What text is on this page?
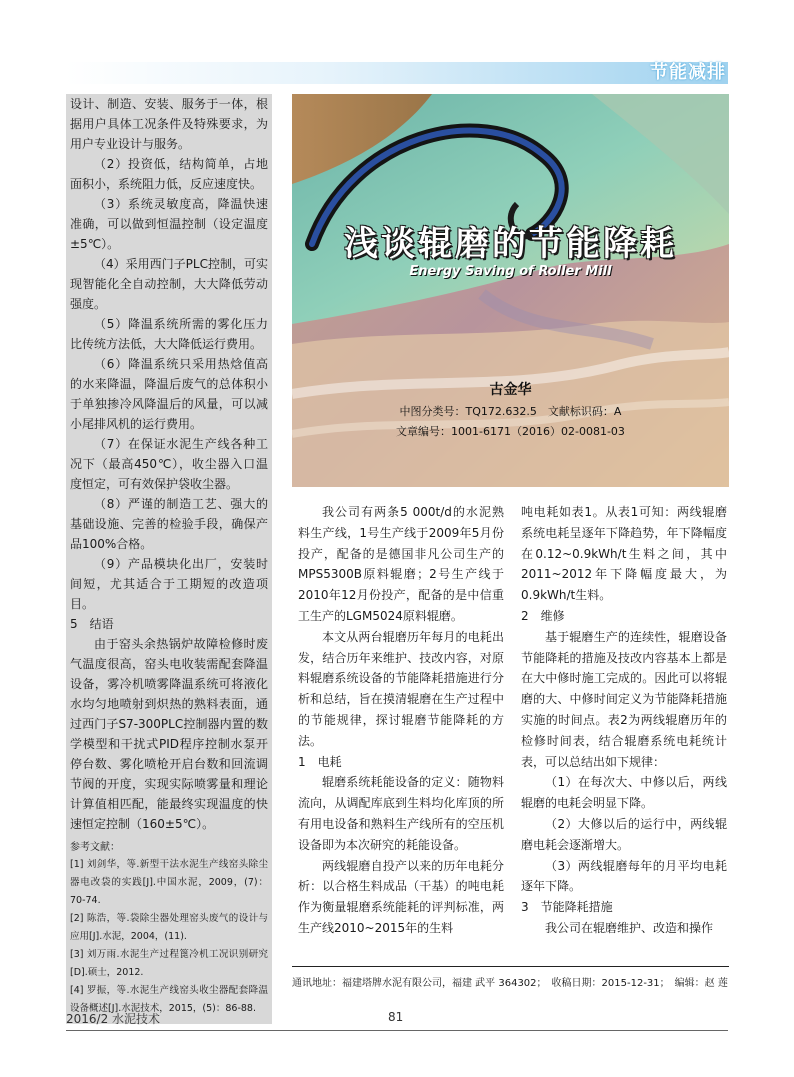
节能减排

设计、制造、安装、服务于一体，根据用户具体工况条件及特殊要求，为用户专业设计与服务。

（2）投资低，结构简单，占地面积小，系统阻力低，反应速度快。

（3）系统灵敏度高，降温快速准确，可以做到恒温控制（设定温度±5℃）。

（4）采用西门子PLC控制，可实现智能化全自动控制，大大降低劳动强度。

（5）降温系统所需的雾化压力比传统方法低，大大降低运行费用。

（6）降温系统只采用热焓值高的水来降温，降温后废气的总体积小于单独掺冷风降温后的风量，可以减小尾排风机的运行费用。

（7）在保证水泥生产线各种工况下（最高450℃），收尘器入口温度恒定，可有效保护袋收尘器。

（8）严谨的制造工艺、强大的基础设施、完善的检验手段，确保产品100%合格。

（9）产品模块化出厂，安装时间短，尤其适合于工期短的改造项目。

5　结语

由于窑头余热锅炉故障检修时废气温度很高，窑头电收装需配套降温设备，雾冷机喷雾降温系统可将液化水均匀地喷射到炽热的熟料表面，通过西门子S7-300PLC控制器内置的数学模型和干扰式PID程序控制水泵开停台数、雾化喷枪开启台数和回流调节阀的开度，实现实际喷雾量和理论计算值相匹配，能最终实现温度的快速恒定控制（160±5℃）。

参考文献：

[1] 刘剑华，等.新型干法水泥生产线窑头除尘器电改袋的实践[J].中国水泥，2009，(7)：70-74.

[2] 陈浩，等.袋除尘器处理窑头废气的设计与应用[J].水泥，2004，(11).

[3] 刘万雨.水泥生产过程篦冷机工况识别研究[D].硕士，2012.

[4] 罗振，等.水泥生产线窑头收尘器配套降温设备概述[J].水泥技术，2015，(5)：86-88.

浅谈辊磨的节能降耗
Energy Saving of Roller Mill
古金华
中图分类号：TQ172.632.5　文献标识码：A
文章编号：1001-6171（2016）02-0081-03

我公司有两条5 000t/d的水泥熟料生产线，1号生产线于2009年5月份投产，配备的是德国非凡公司生产的MPS5300B原料辊磨；2号生产线于2010年12月份投产，配备的是中信重工生产的LGM5024原料辊磨。

本文从两台辊磨历年每月的电耗出发，结合历年来维护、技改内容，对原料辊磨系统设备的节能降耗措施进行分析和总结，旨在摸清辊磨在生产过程中的节能规律，探讨辊磨节能降耗的方法。

1　电耗

辊磨系统耗能设备的定义：随物料流向，从调配库底到生料均化库顶的所有用电设备和熟料生产线所有的空压机设备即为本次研究的耗能设备。

两线辊磨自投产以来的历年电耗分析：以合格生料成品（干基）的吨电耗作为衡量辊磨系统能耗的评判标准，两生产线2010~2015年的生料

吨电耗如表1。从表1可知：两线辊磨系统电耗呈逐年下降趋势，年下降幅度在0.12~0.9kWh/t生料之间，其中2011~2012年下降幅度最大，为0.9kWh/t生料。

2　维修

基于辊磨生产的连续性，辊磨设备节能降耗的措施及技改内容基本上都是在大中修时施工完成的。因此可以将辊磨的大、中修时间定义为节能降耗措施实施的时间点。表2为两线辊磨历年的检修时间表，结合辊磨系统电耗统计表，可以总结出如下规律：

（1）在每次大、中修以后，两线辊磨的电耗会明显下降。

（2）大修以后的运行中，两线辊磨电耗会逐渐增大。

（3）两线辊磨每年的月平均电耗逐年下降。

3　节能降耗措施

我公司在辊磨维护、改造和操作

通讯地址：福建塔牌水泥有限公司，福建 武平 364302；　收稿日期：2015-12-31；　编辑：赵 莲
2016/2 水泥技术	81
